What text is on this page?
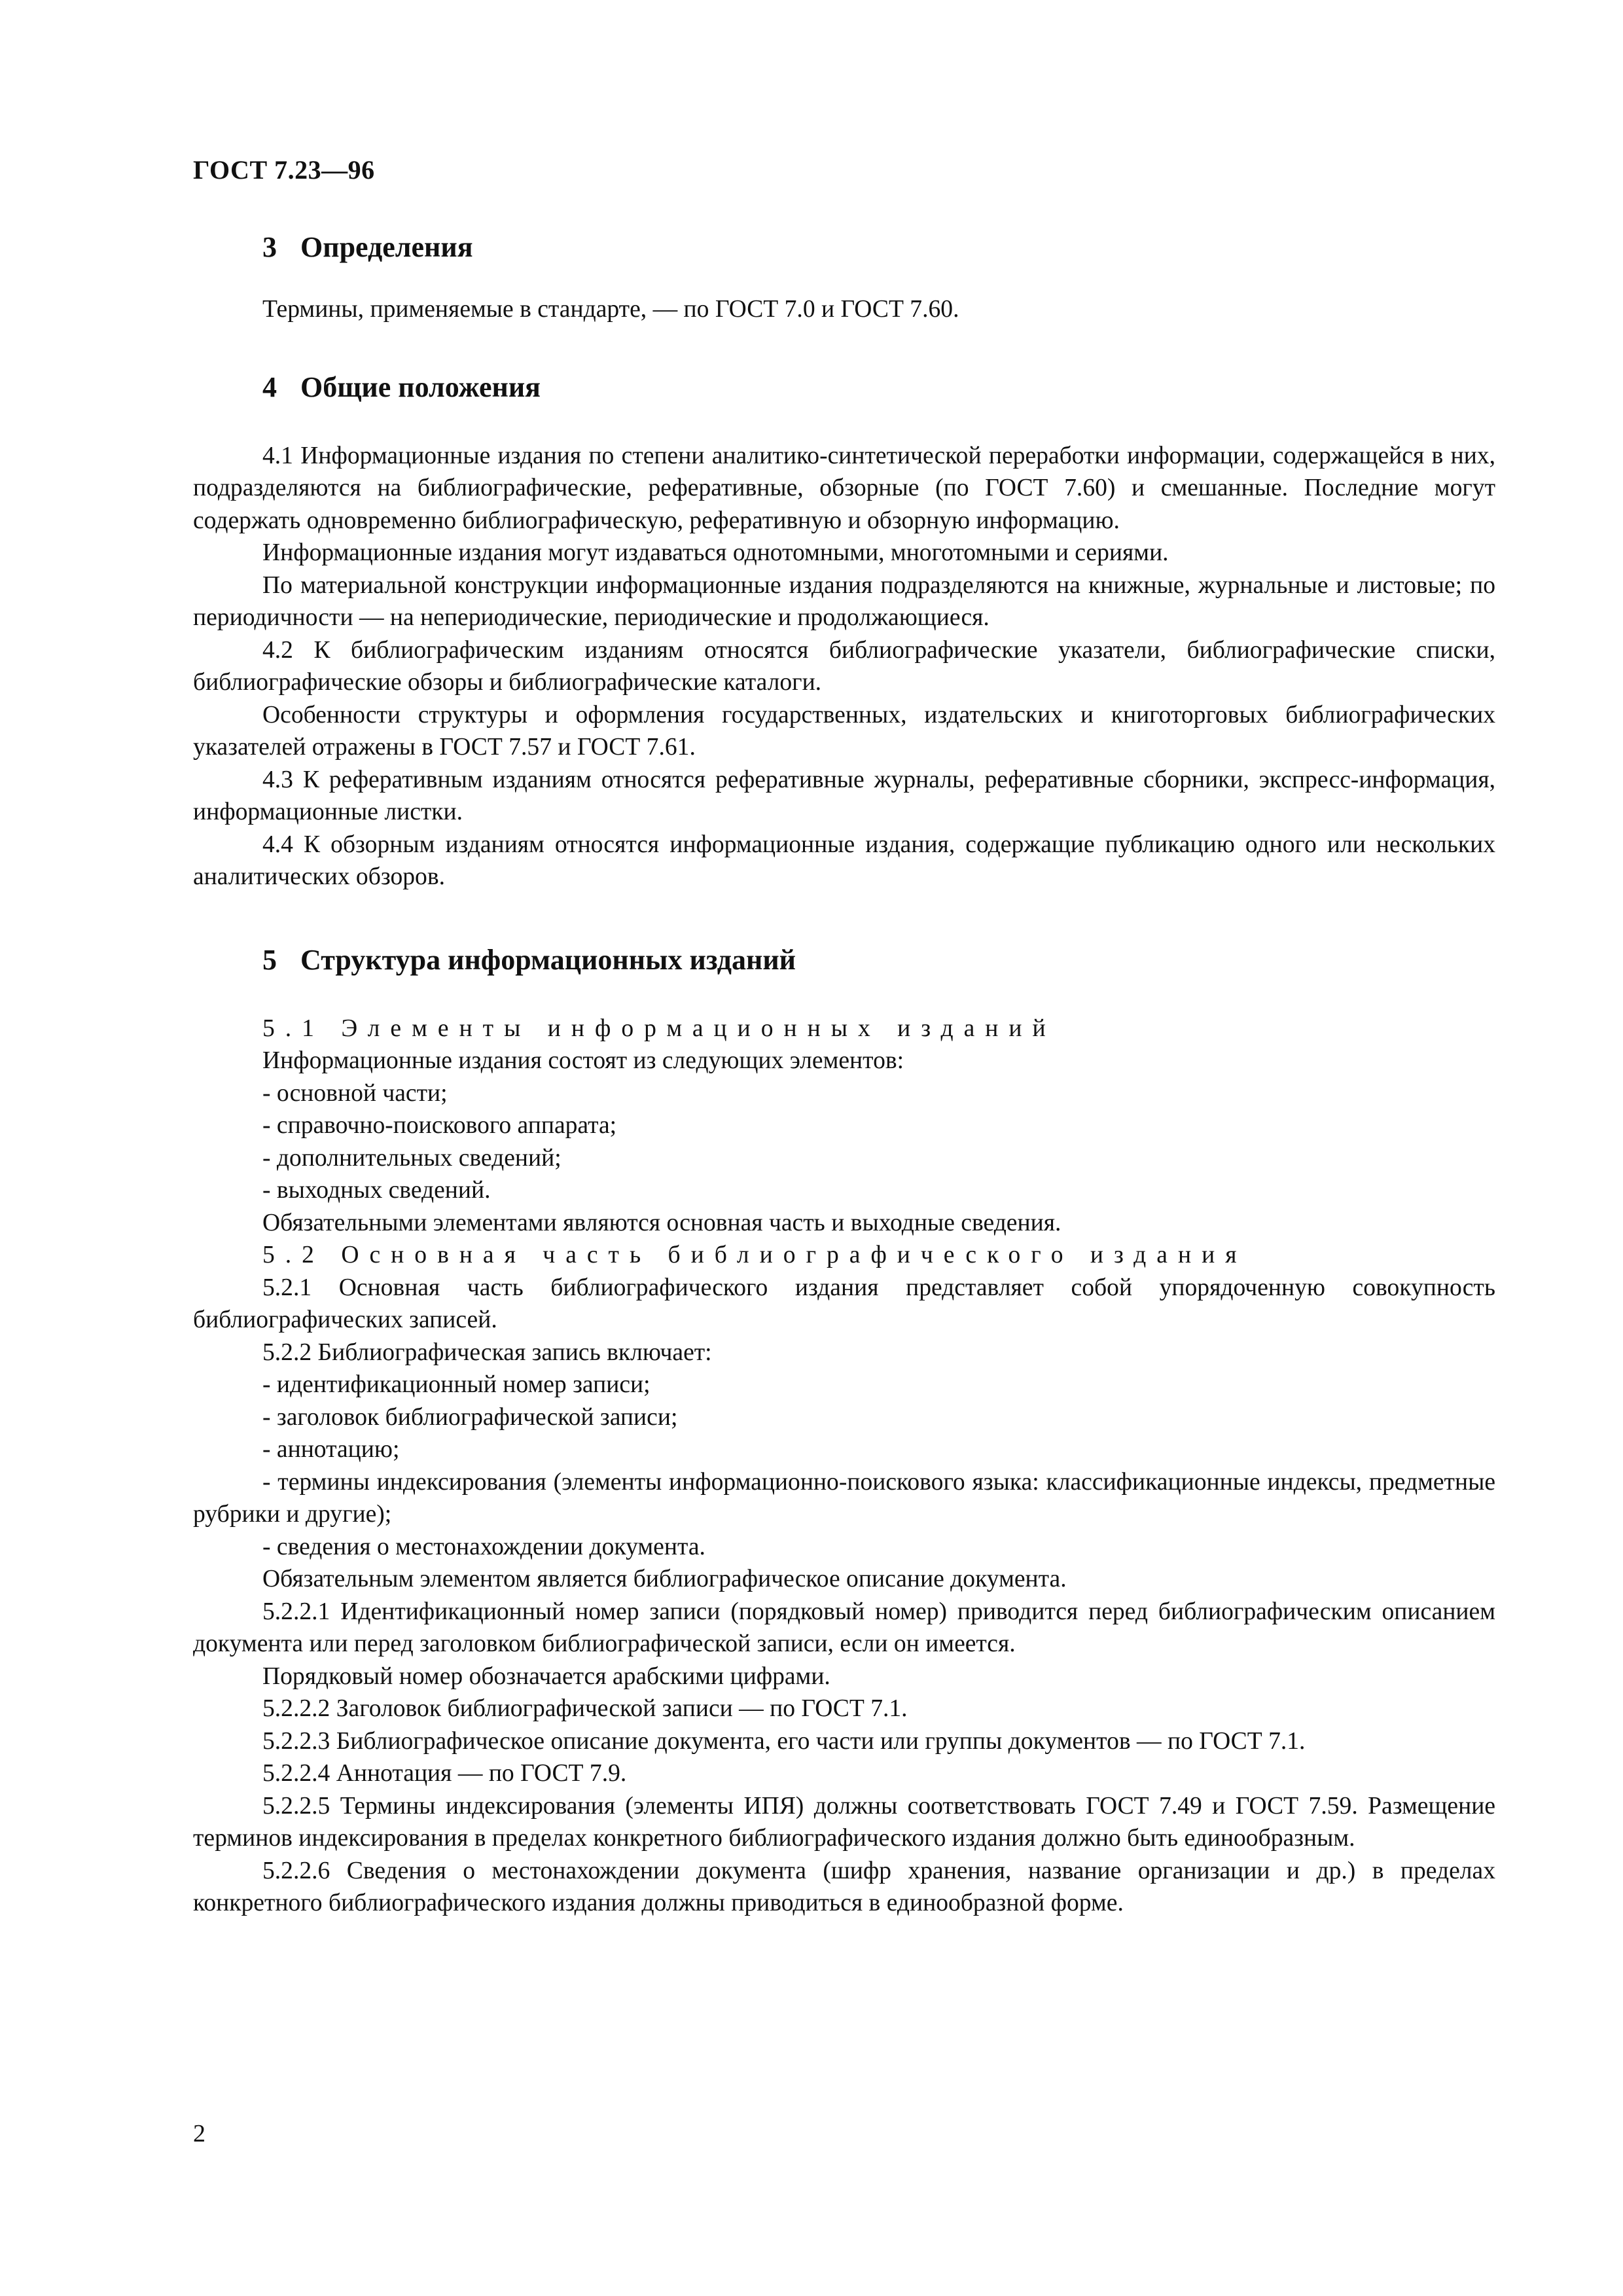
ГОСТ 7.23—96
3 Определения

Термины, применяемые в стандарте, — по ГОСТ 7.0 и ГОСТ 7.60.

4 Общие положения

4.1 Информационные издания по степени аналитико-синтетической переработки информации, содержащейся в них, подразделяются на библиографические, реферативные, обзорные (по ГОСТ 7.60) и смешанные. Последние могут содержать одновременно библиографическую, реферативную и обзорную информацию.

Информационные издания могут издаваться однотомными, многотомными и сериями.

По материальной конструкции информационные издания подразделяются на книжные, журнальные и листовые; по периодичности — на непериодические, периодические и продолжающиеся.

4.2 К библиографическим изданиям относятся библиографические указатели, библиографические списки, библиографические обзоры и библиографические каталоги.

Особенности структуры и оформления государственных, издательских и книготорговых библиографических указателей отражены в ГОСТ 7.57 и ГОСТ 7.61.

4.3 К реферативным изданиям относятся реферативные журналы, реферативные сборники, экспресс-информация, информационные листки.

4.4 К обзорным изданиям относятся информационные издания, содержащие публикацию одного или нескольких аналитических обзоров.

5 Структура информационных изданий

5.1 Элементы информационных изданий

Информационные издания состоят из следующих элементов:

- основной части;

- справочно-поискового аппарата;

- дополнительных сведений;

- выходных сведений.

Обязательными элементами являются основная часть и выходные сведения.

5.2 Основная часть библиографического издания

5.2.1 Основная часть библиографического издания представляет собой упорядоченную совокупность библиографических записей.

5.2.2 Библиографическая запись включает:

- идентификационный номер записи;

- заголовок библиографической записи;

- аннотацию;

- термины индексирования (элементы информационно-поискового языка: классификационные индексы, предметные рубрики и другие);

- сведения о местонахождении документа.

Обязательным элементом является библиографическое описание документа.

5.2.2.1 Идентификационный номер записи (порядковый номер) приводится перед библиографическим описанием документа или перед заголовком библиографической записи, если он имеется.

Порядковый номер обозначается арабскими цифрами.

5.2.2.2 Заголовок библиографической записи — по ГОСТ 7.1.

5.2.2.3 Библиографическое описание документа, его части или группы документов — по ГОСТ 7.1.

5.2.2.4 Аннотация — по ГОСТ 7.9.

5.2.2.5 Термины индексирования (элементы ИПЯ) должны соответствовать ГОСТ 7.49 и ГОСТ 7.59. Размещение терминов индексирования в пределах конкретного библиографического издания должно быть единообразным.

5.2.2.6 Сведения о местонахождении документа (шифр хранения, название организации и др.) в пределах конкретного библиографического издания должны приводиться в единообразной форме.

2
